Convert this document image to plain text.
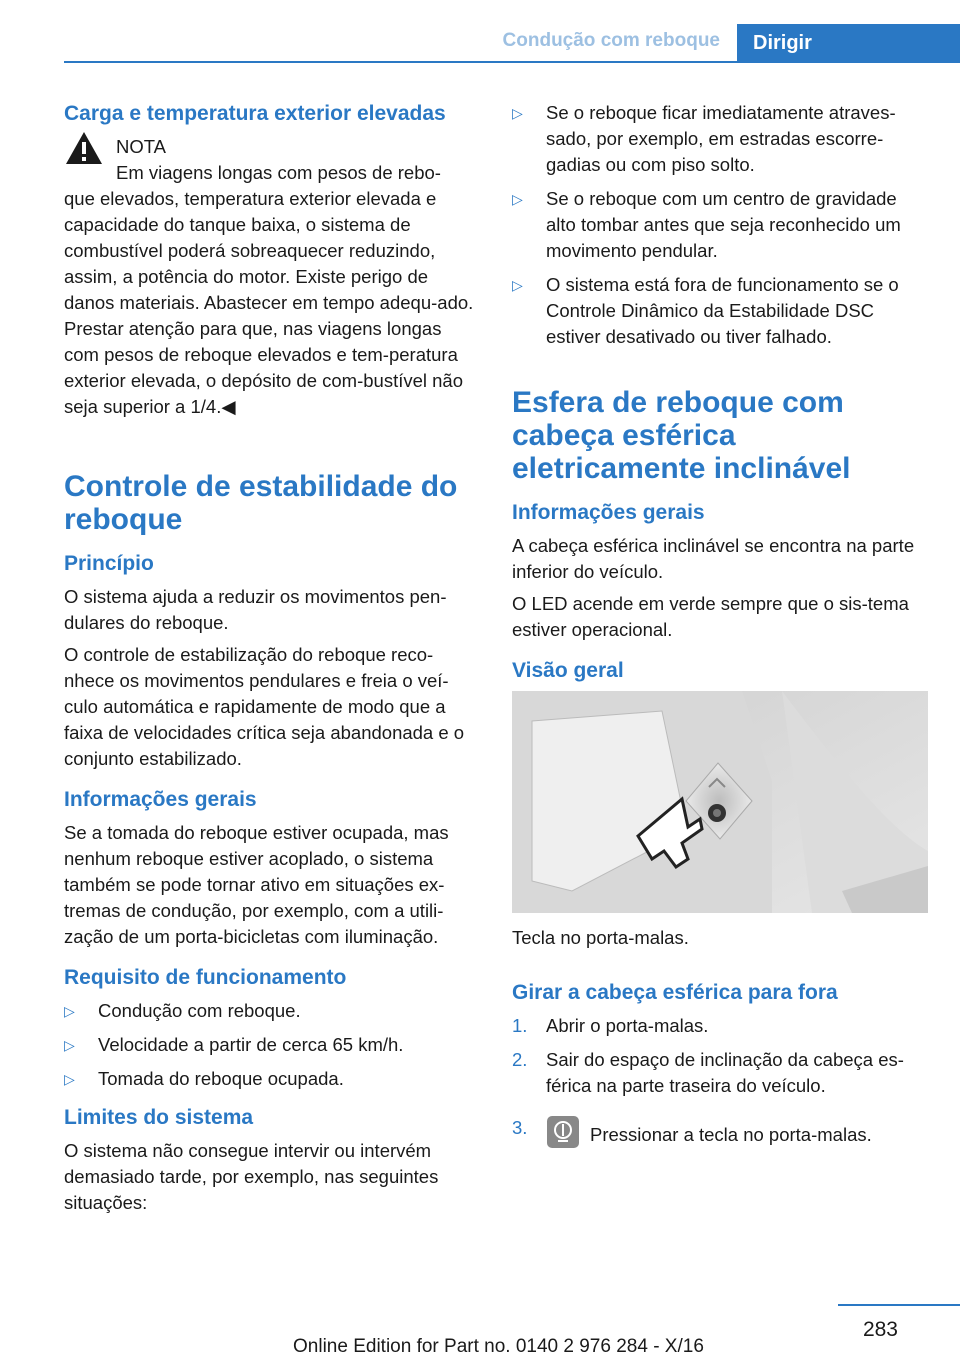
Condução com reboque	Dirigir
Carga e temperatura exterior elevadas
NOTA
Em viagens longas com pesos de rebo-
que elevados, temperatura exterior elevada e capacidade do tanque baixa, o sistema de combustível poderá sobreaquecer reduzindo, assim, a potência do motor. Existe perigo de danos materiais. Abastecer em tempo adequ-ado. Prestar atenção para que, nas viagens longas com pesos de reboque elevados e tem-peratura exterior elevada, o depósito de com-bustível não seja superior a 1/4.◀
Controle de estabilidade do reboque
Princípio
O sistema ajuda a reduzir os movimentos pen-dulares do reboque.
O controle de estabilização do reboque reco-nhece os movimentos pendulares e freia o veí-culo automática e rapidamente de modo que a faixa de velocidades crítica seja abandonada e o conjunto estabilizado.
Informações gerais
Se a tomada do reboque estiver ocupada, mas nenhum reboque estiver acoplado, o sistema também se pode tornar ativo em situações ex-tremas de condução, por exemplo, com a utili-zação de um porta-bicicletas com iluminação.
Requisito de funcionamento
▷ Condução com reboque.
▷ Velocidade a partir de cerca 65 km/h.
▷ Tomada do reboque ocupada.
Limites do sistema
O sistema não consegue intervir ou intervém demasiado tarde, por exemplo, nas seguintes situações:
▷ Se o reboque ficar imediatamente atraves-sado, por exemplo, em estradas escorre-gadias ou com piso solto.
▷ Se o reboque com um centro de gravidade alto tombar antes que seja reconhecido um movimento pendular.
▷ O sistema está fora de funcionamento se o Controle Dinâmico da Estabilidade DSC estiver desativado ou tiver falhado.
Esfera de reboque com cabeça esférica eletricamente inclinável
Informações gerais
A cabeça esférica inclinável se encontra na parte inferior do veículo.
O LED acende em verde sempre que o sis-tema estiver operacional.
Visão geral
Tecla no porta-malas.
Girar a cabeça esférica para fora
1. Abrir o porta-malas.
2. Sair do espaço de inclinação da cabeça es-férica na parte traseira do veículo.
3.	Pressionar a tecla no porta-malas.
283
Online Edition for Part no. 0140 2 976 284 - X/16
